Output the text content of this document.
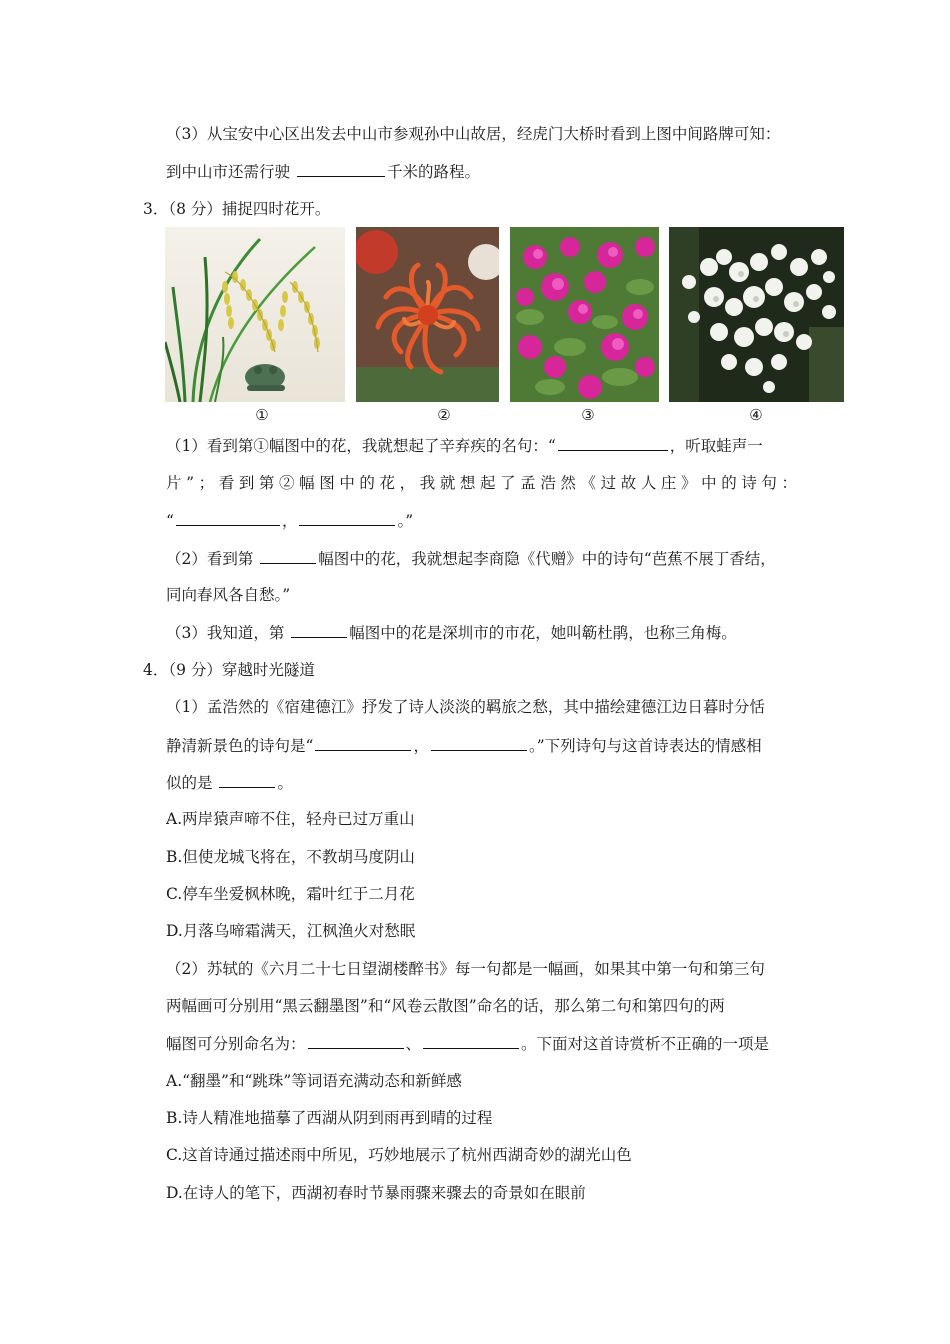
（3）从宝安中心区出发去中山市参观孙中山故居，经虎门大桥时看到上图中间路牌可知：
到中山市还需行驶	千米的路程。
3．（8 分）捕捉四时花开。
①	②	③	④
（1）看到第①幅图中的花，我就想起了辛弃疾的名句：“	，听取蛙声一
片”；看到第②幅图中的花，我就想起了孟浩然《过故人庄》中的诗句：
“	，	。”
（2）看到第	幅图中的花，我就想起李商隐《代赠》中的诗句“芭蕉不展丁香结，
同向春风各自愁。”
（3）我知道，第	幅图中的花是深圳市的市花，她叫簕杜鹃，也称三角梅。
4．（9 分）穿越时光隧道
（1）孟浩然的《宿建德江》抒发了诗人淡淡的羁旅之愁，其中描绘建德江边日暮时分恬
静清新景色的诗句是“	，	。”下列诗句与这首诗表达的情感相
似的是	。
A.两岸猿声啼不住，轻舟已过万重山
B.但使龙城飞将在，不教胡马度阴山
C.停车坐爱枫林晚，霜叶红于二月花
D.月落乌啼霜满天，江枫渔火对愁眠
（2）苏轼的《六月二十七日望湖楼醉书》每一句都是一幅画，如果其中第一句和第三句
两幅画可分别用“黑云翻墨图”和“风卷云散图”命名的话，那么第二句和第四句的两
幅图可分别命名为：	、	。下面对这首诗赏析不正确的一项是
A.“翻墨”和“跳珠”等词语充满动态和新鲜感
B.诗人精准地描摹了西湖从阴到雨再到晴的过程
C.这首诗通过描述雨中所见，巧妙地展示了杭州西湖奇妙的湖光山色
D.在诗人的笔下，西湖初春时节暴雨骤来骤去的奇景如在眼前
